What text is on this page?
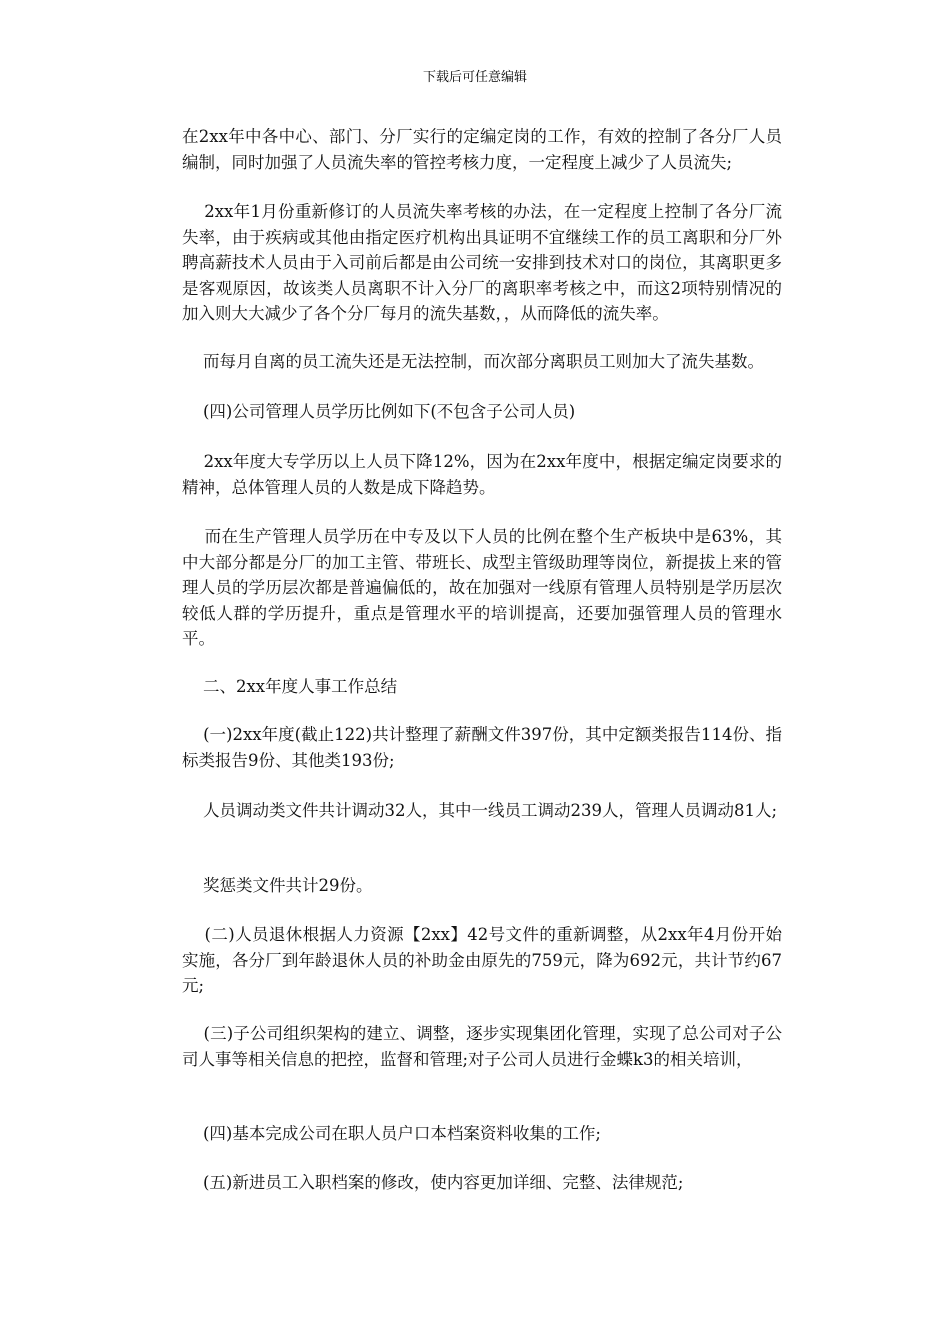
下载后可任意编辑

在2xx年中各中心、部门、分厂实行的定编定岗的工作，有效的控制了各分厂人员编制，同时加强了人员流失率的管控考核力度，一定程度上减少了人员流失;

2xx年1月份重新修订的人员流失率考核的办法，在一定程度上控制了各分厂流失率，由于疾病或其他由指定医疗机构出具证明不宜继续工作的员工离职和分厂外聘高薪技术人员由于入司前后都是由公司统一安排到技术对口的岗位，其离职更多是客观原因，故该类人员离职不计入分厂的离职率考核之中，而这2项特别情况的加入则大大减少了各个分厂每月的流失基数，，从而降低的流失率。

而每月自离的员工流失还是无法控制，而次部分离职员工则加大了流失基数。

(四)公司管理人员学历比例如下(不包含子公司人员)

2xx年度大专学历以上人员下降12%，因为在2xx年度中，根据定编定岗要求的精神，总体管理人员的人数是成下降趋势。

而在生产管理人员学历在中专及以下人员的比例在整个生产板块中是63%，其中大部分都是分厂的加工主管、带班长、成型主管级助理等岗位，新提拔上来的管理人员的学历层次都是普遍偏低的，故在加强对一线原有管理人员特别是学历层次较低人群的学历提升，重点是管理水平的培训提高，还要加强管理人员的管理水平。

二、2xx年度人事工作总结

(一)2xx年度(截止122)共计整理了薪酬文件397份，其中定额类报告114份、指标类报告9份、其他类193份;

人员调动类文件共计调动32人，其中一线员工调动239人，管理人员调动81人;

奖惩类文件共计29份。

(二)人员退休根据人力资源【2xx】42号文件的重新调整，从2xx年4月份开始实施，各分厂到年龄退休人员的补助金由原先的759元，降为692元，共计节约67元;

(三)子公司组织架构的建立、调整，逐步实现集团化管理，实现了总公司对子公司人事等相关信息的把控，监督和管理;对子公司人员进行金蝶k3的相关培训，

(四)基本完成公司在职人员户口本档案资料收集的工作;

(五)新进员工入职档案的修改，使内容更加详细、完整、法律规范;
